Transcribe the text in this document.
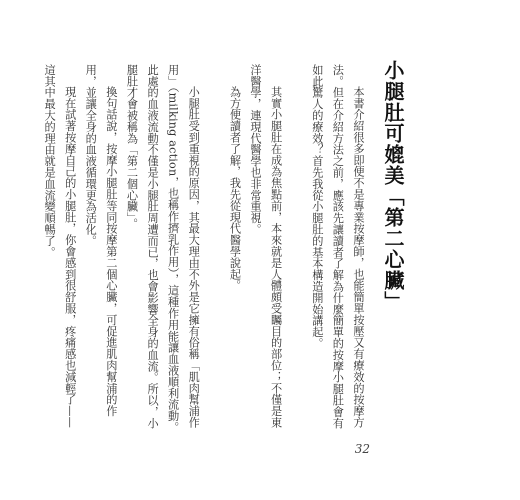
小腿肚可媲美「第二心臟」

本書介紹很多即便不是專業按摩師，也能簡單按壓又有療效的按摩方法。但在介紹方法之前，應該先讓讀者了解為什麼簡單的按摩小腿肚會有如此驚人的療效？首先我從小腿肚的基本構造開始講起。

其實小腿肚在成為焦點前，本來就是人體頗受矚目的部位；不僅是東洋醫學，連現代醫學也非常重視。

為方便讀者了解，我先從現代醫學說起。

小腿肚受到重視的原因，其最大理由不外是它擁有俗稱「肌肉幫浦作用」（milking action，也稱作擠乳作用），這種作用能讓血液順利流動。此處的血液流動不僅是小腿肚周遭而已，也會影響全身的血流。所以，小腿肚才會被稱為「第二個心臟」。

換句話說，按摩小腿肚等同按摩第二個心臟，可促進肌肉幫浦的作用，並讓全身的血液循環更為活化。

現在試著按摩自己的小腿肚，你會感到很舒服，疼痛感也減輕了——這其中最大的理由就是血流變順暢了。

32
